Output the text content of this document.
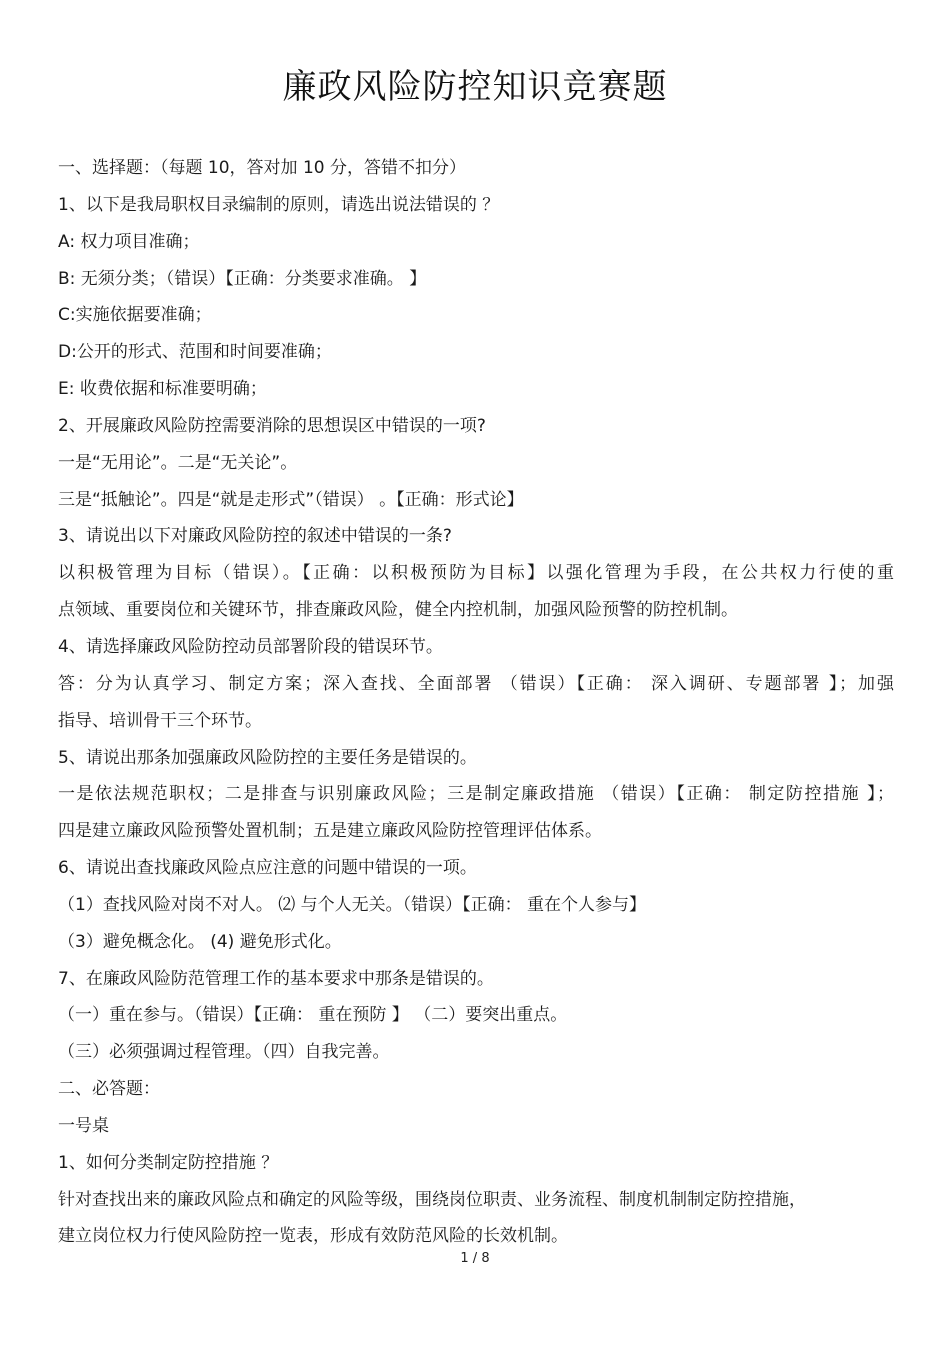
廉政风险防控知识竞赛题
一、选择题：（每题 10，答对加 10 分，答错不扣分）
1、以下是我局职权目录编制的原则，请选出说法错误的 ？
A: 权力项目准确；
B: 无须分类；（错误）【正确：分类要求准确。 】
C:实施依据要准确；
D:公开的形式、范围和时间要准确；
E: 收费依据和标准要明确；
2、开展廉政风险防控需要消除的思想误区中错误的一项?
一是“无用论”。二是“无关论”。
三是“抵触论”。四是“就是走形式”（错误） 。【正确：形式论】
3、请说出以下对廉政风险防控的叙述中错误的一条?
以积极管理为目标（错误）。【正确：以积极预防为目标】以强化管理为手段，在公共权力行使的重
点领域、重要岗位和关键环节，排查廉政风险，健全内控机制，加强风险预警的防控机制。
4、请选择廉政风险防控动员部署阶段的错误环节。
答：分为认真学习、制定方案；深入查找、全面部署 （错误）【正确： 深入调研、专题部署 】；加强
指导、培训骨干三个环节。
5、请说出那条加强廉政风险防控的主要任务是错误的。
一是依法规范职权；二是排查与识别廉政风险；三是制定廉政措施 （错误）【正确： 制定防控措施 】；
四是建立廉政风险预警处置机制；五是建立廉政风险防控管理评估体系。
6、请说出查找廉政风险点应注意的问题中错误的一项。
（1）查找风险对岗不对人。 ⑵ 与个人无关。（错误）【正确： 重在个人参与】
（3）避免概念化。 (4) 避免形式化。
7、在廉政风险防范管理工作的基本要求中那条是错误的。
（一）重在参与。（错误）【正确： 重在预防 】 （二）要突出重点。
（三）必须强调过程管理。（四）自我完善。
二、必答题：
一号桌
1、如何分类制定防控措施 ？
针对查找出来的廉政风险点和确定的风险等级，围绕岗位职责、业务流程、制度机制制定防控措施，
建立岗位权力行使风险防控一览表，形成有效防范风险的长效机制。
1 / 8
